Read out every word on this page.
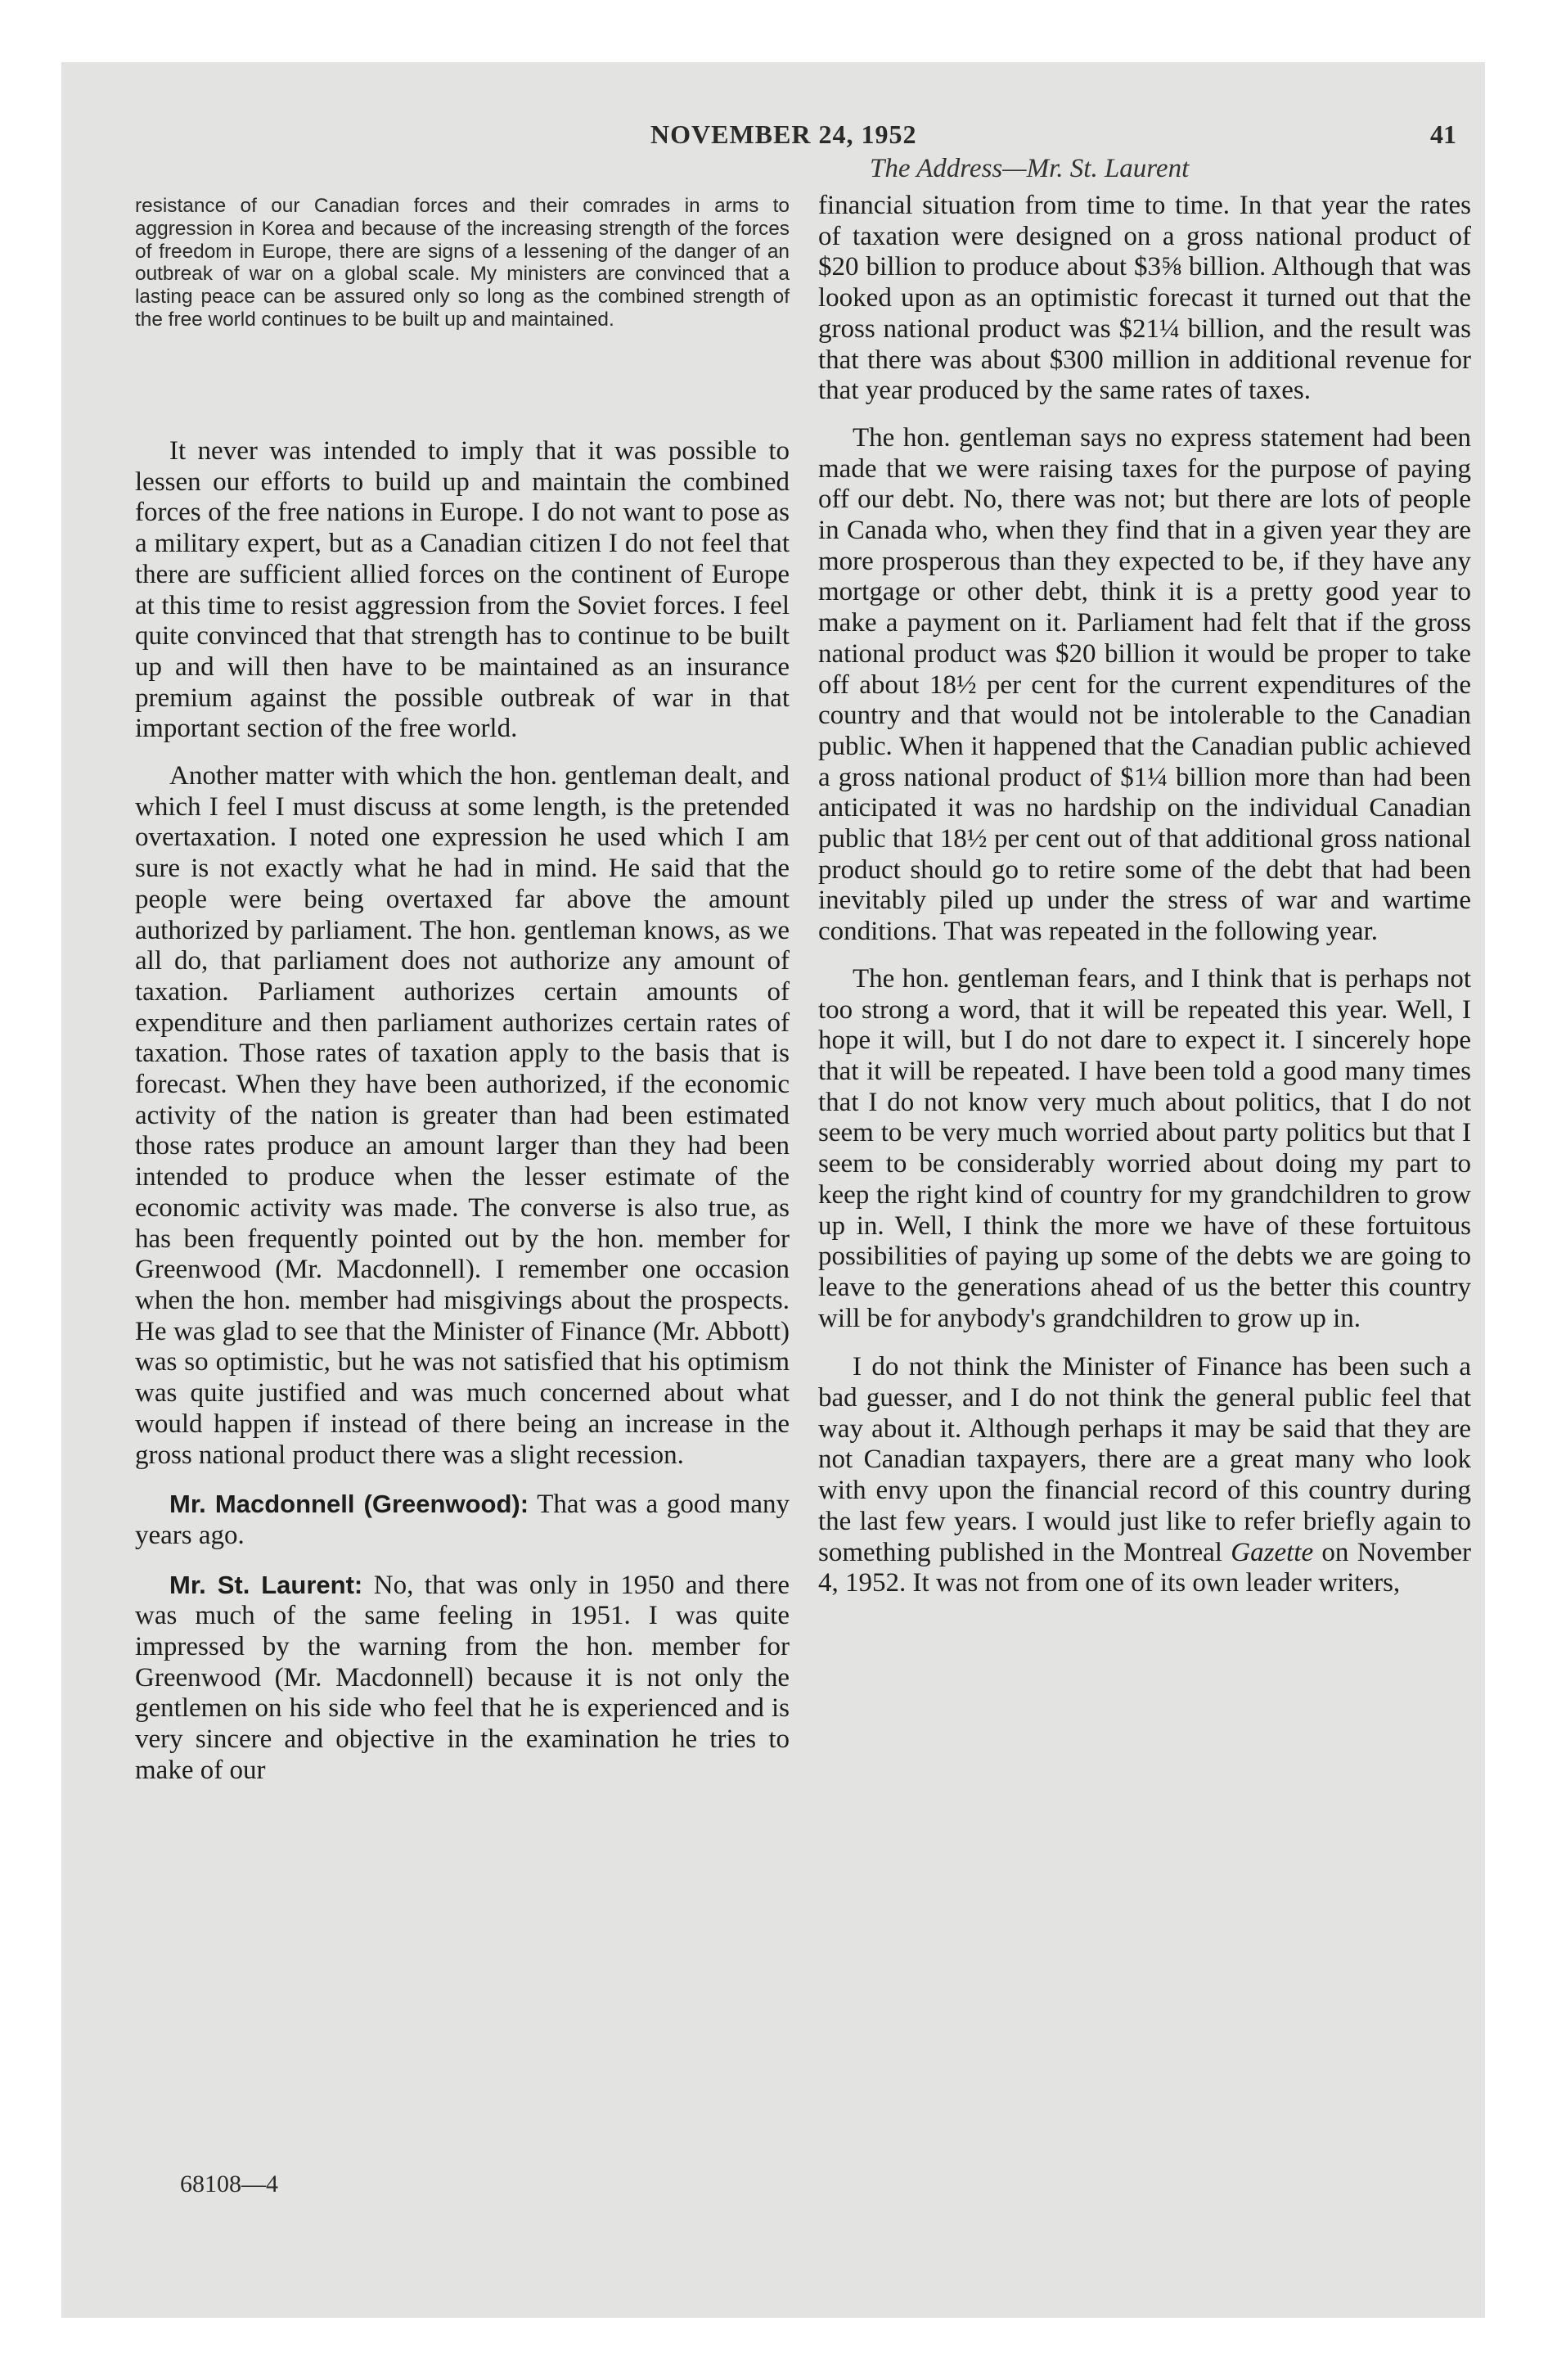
NOVEMBER 24, 1952	41
The Address—Mr. St. Laurent

resistance of our Canadian forces and their comrades in arms to aggression in Korea and because of the increasing strength of the forces of freedom in Europe, there are signs of a lessening of the danger of an outbreak of war on a global scale. My ministers are convinced that a lasting peace can be assured only so long as the combined strength of the free world continues to be built up and maintained.

It never was intended to imply that it was possible to lessen our efforts to build up and maintain the combined forces of the free nations in Europe. I do not want to pose as a military expert, but as a Canadian citizen I do not feel that there are sufficient allied forces on the continent of Europe at this time to resist aggression from the Soviet forces. I feel quite convinced that that strength has to continue to be built up and will then have to be maintained as an insurance premium against the possible outbreak of war in that important section of the free world.

Another matter with which the hon. gentleman dealt, and which I feel I must discuss at some length, is the pretended overtaxation. I noted one expression he used which I am sure is not exactly what he had in mind. He said that the people were being overtaxed far above the amount authorized by parliament. The hon. gentleman knows, as we all do, that parliament does not authorize any amount of taxation. Parliament authorizes certain amounts of expenditure and then parliament authorizes certain rates of taxation. Those rates of taxation apply to the basis that is forecast. When they have been authorized, if the economic activity of the nation is greater than had been estimated those rates produce an amount larger than they had been intended to produce when the lesser estimate of the economic activity was made. The converse is also true, as has been frequently pointed out by the hon. member for Greenwood (Mr. Macdonnell). I remember one occasion when the hon. member had misgivings about the prospects. He was glad to see that the Minister of Finance (Mr. Abbott) was so optimistic, but he was not satisfied that his optimism was quite justified and was much concerned about what would happen if instead of there being an increase in the gross national product there was a slight recession.

Mr. Macdonnell (Greenwood): That was a good many years ago.

Mr. St. Laurent: No, that was only in 1950 and there was much of the same feeling in 1951. I was quite impressed by the warning from the hon. member for Greenwood (Mr. Macdonnell) because it is not only the gentlemen on his side who feel that he is experienced and is very sincere and objective in the examination he tries to make of our

68108—4

financial situation from time to time. In that year the rates of taxation were designed on a gross national product of $20 billion to produce about $3⅝ billion. Although that was looked upon as an optimistic forecast it turned out that the gross national product was $21¼ billion, and the result was that there was about $300 million in additional revenue for that year produced by the same rates of taxes.

The hon. gentleman says no express statement had been made that we were raising taxes for the purpose of paying off our debt. No, there was not; but there are lots of people in Canada who, when they find that in a given year they are more prosperous than they expected to be, if they have any mortgage or other debt, think it is a pretty good year to make a payment on it. Parliament had felt that if the gross national product was $20 billion it would be proper to take off about 18½ per cent for the current expenditures of the country and that would not be intolerable to the Canadian public. When it happened that the Canadian public achieved a gross national product of $1¼ billion more than had been anticipated it was no hardship on the individual Canadian public that 18½ per cent out of that additional gross national product should go to retire some of the debt that had been inevitably piled up under the stress of war and wartime conditions. That was repeated in the following year.

The hon. gentleman fears, and I think that is perhaps not too strong a word, that it will be repeated this year. Well, I hope it will, but I do not dare to expect it. I sincerely hope that it will be repeated. I have been told a good many times that I do not know very much about politics, that I do not seem to be very much worried about party politics but that I seem to be considerably worried about doing my part to keep the right kind of country for my grandchildren to grow up in. Well, I think the more we have of these fortuitous possibilities of paying up some of the debts we are going to leave to the generations ahead of us the better this country will be for anybody's grandchildren to grow up in.

I do not think the Minister of Finance has been such a bad guesser, and I do not think the general public feel that way about it. Although perhaps it may be said that they are not Canadian taxpayers, there are a great many who look with envy upon the financial record of this country during the last few years. I would just like to refer briefly again to something published in the Montreal Gazette on November 4, 1952. It was not from one of its own leader writers,
